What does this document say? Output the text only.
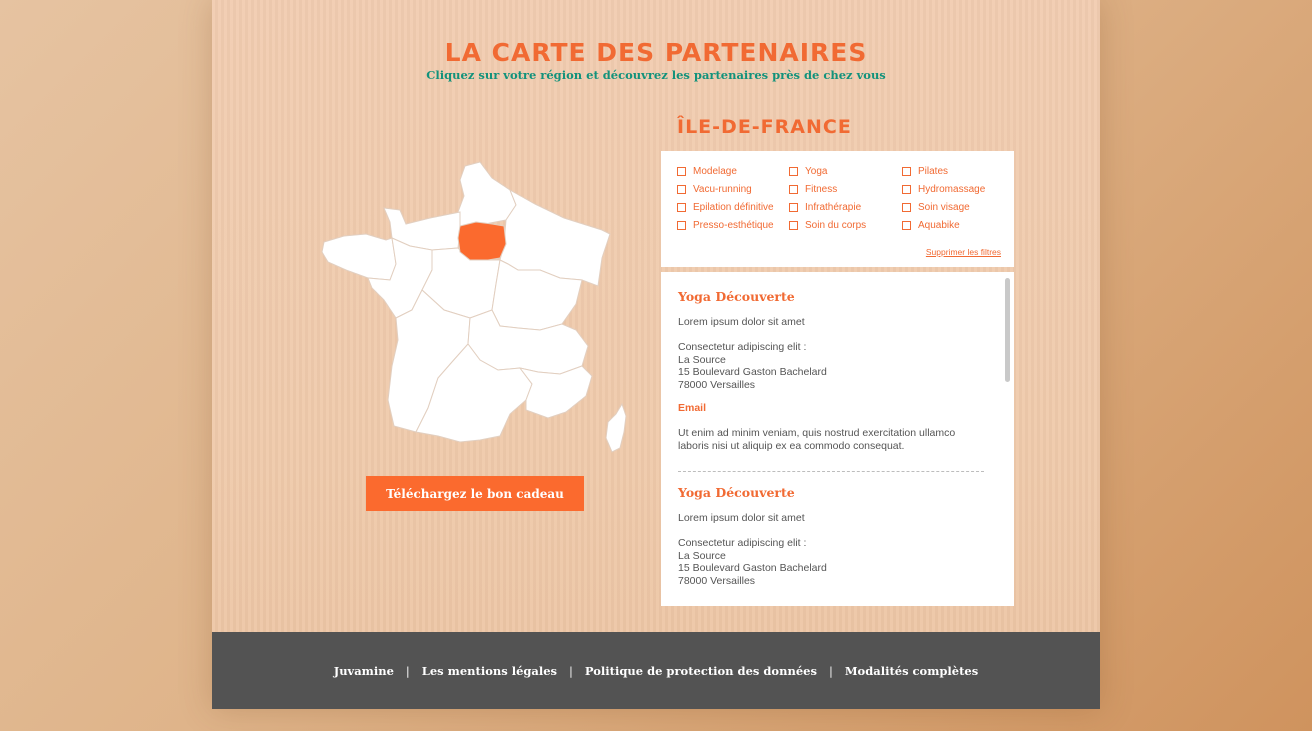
LA CARTE DES PARTENAIRES
Cliquez sur votre région et découvrez les partenaires près de chez vous
Téléchargez le bon cadeau
ÎLE-DE-FRANCE
Modelage	Yoga	Pilates
Vacu-running	Fitness	Hydromassage
Epilation définitive	Infrathérapie	Soin visage
Presso-esthétique	Soin du corps	Aquabike
Supprimer les filtres
Yoga Découverte

Lorem ipsum dolor sit amet

Consectetur adipiscing elit :
La Source
15 Boulevard Gaston Bachelard
78000 Versailles

Email

Ut enim ad minim veniam, quis nostrud exercitation ullamco laboris nisi ut aliquip ex ea commodo consequat.

Yoga Découverte

Lorem ipsum dolor sit amet

Consectetur adipiscing elit :
La Source
15 Boulevard Gaston Bachelard
78000 Versailles

Juvamine | Les mentions légales | Politique de protection des données | Modalités complètes
